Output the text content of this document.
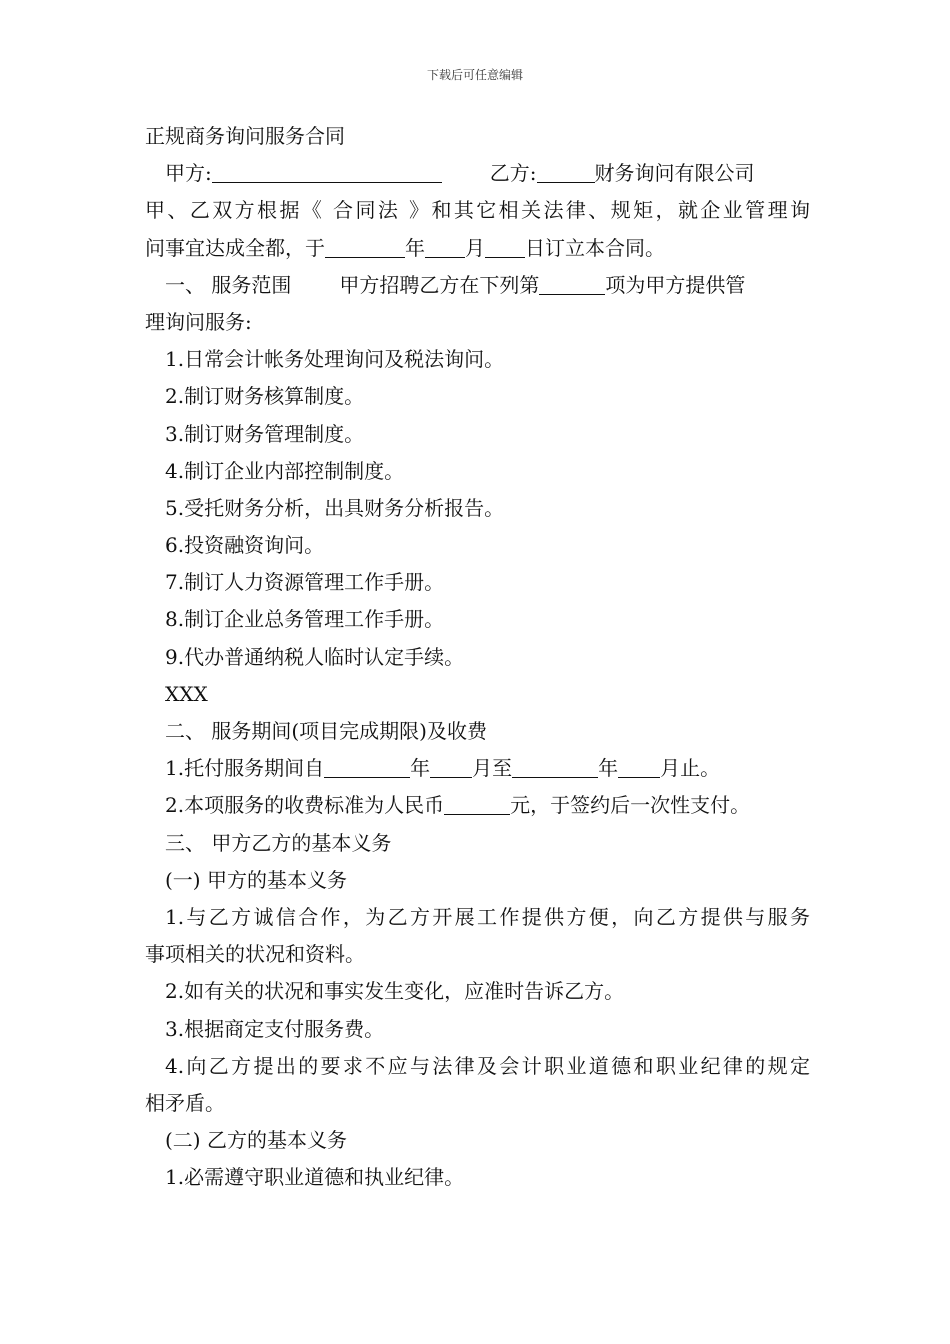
下载后可任意编辑
正规商务询问服务合同
甲方:	乙方:	财务询问有限公司
甲、乙双方根据《 合同法 》和其它相关法律、规矩，就企业管理询
问事宜达成全都，于	年 月 日订立本合同。
一、 服务范围 甲方招聘乙方在下列第	项为甲方提供管
理询问服务:
1.日常会计帐务处理询问及税法询问。
2.制订财务核算制度。
3.制订财务管理制度。
4.制订企业内部控制制度。
5.受托财务分析，出具财务分析报告。
6.投资融资询问。
7.制订人力资源管理工作手册。
8.制订企业总务管理工作手册。
9.代办普通纳税人临时认定手续。
XXX
二、 服务期间(项目完成期限)及收费
1.托付服务期间自	年 月至	年 月止。
2.本项服务的收费标准为人民币	元，于签约后一次性支付。
三、 甲方乙方的基本义务
(一) 甲方的基本义务
1.与乙方诚信合作，为乙方开展工作提供方便，向乙方提供与服务
事项相关的状况和资料。
2.如有关的状况和事实发生变化，应准时告诉乙方。
3.根据商定支付服务费。
4.向乙方提出的要求不应与法律及会计职业道德和职业纪律的规定
相矛盾。
(二) 乙方的基本义务
1.必需遵守职业道德和执业纪律。
